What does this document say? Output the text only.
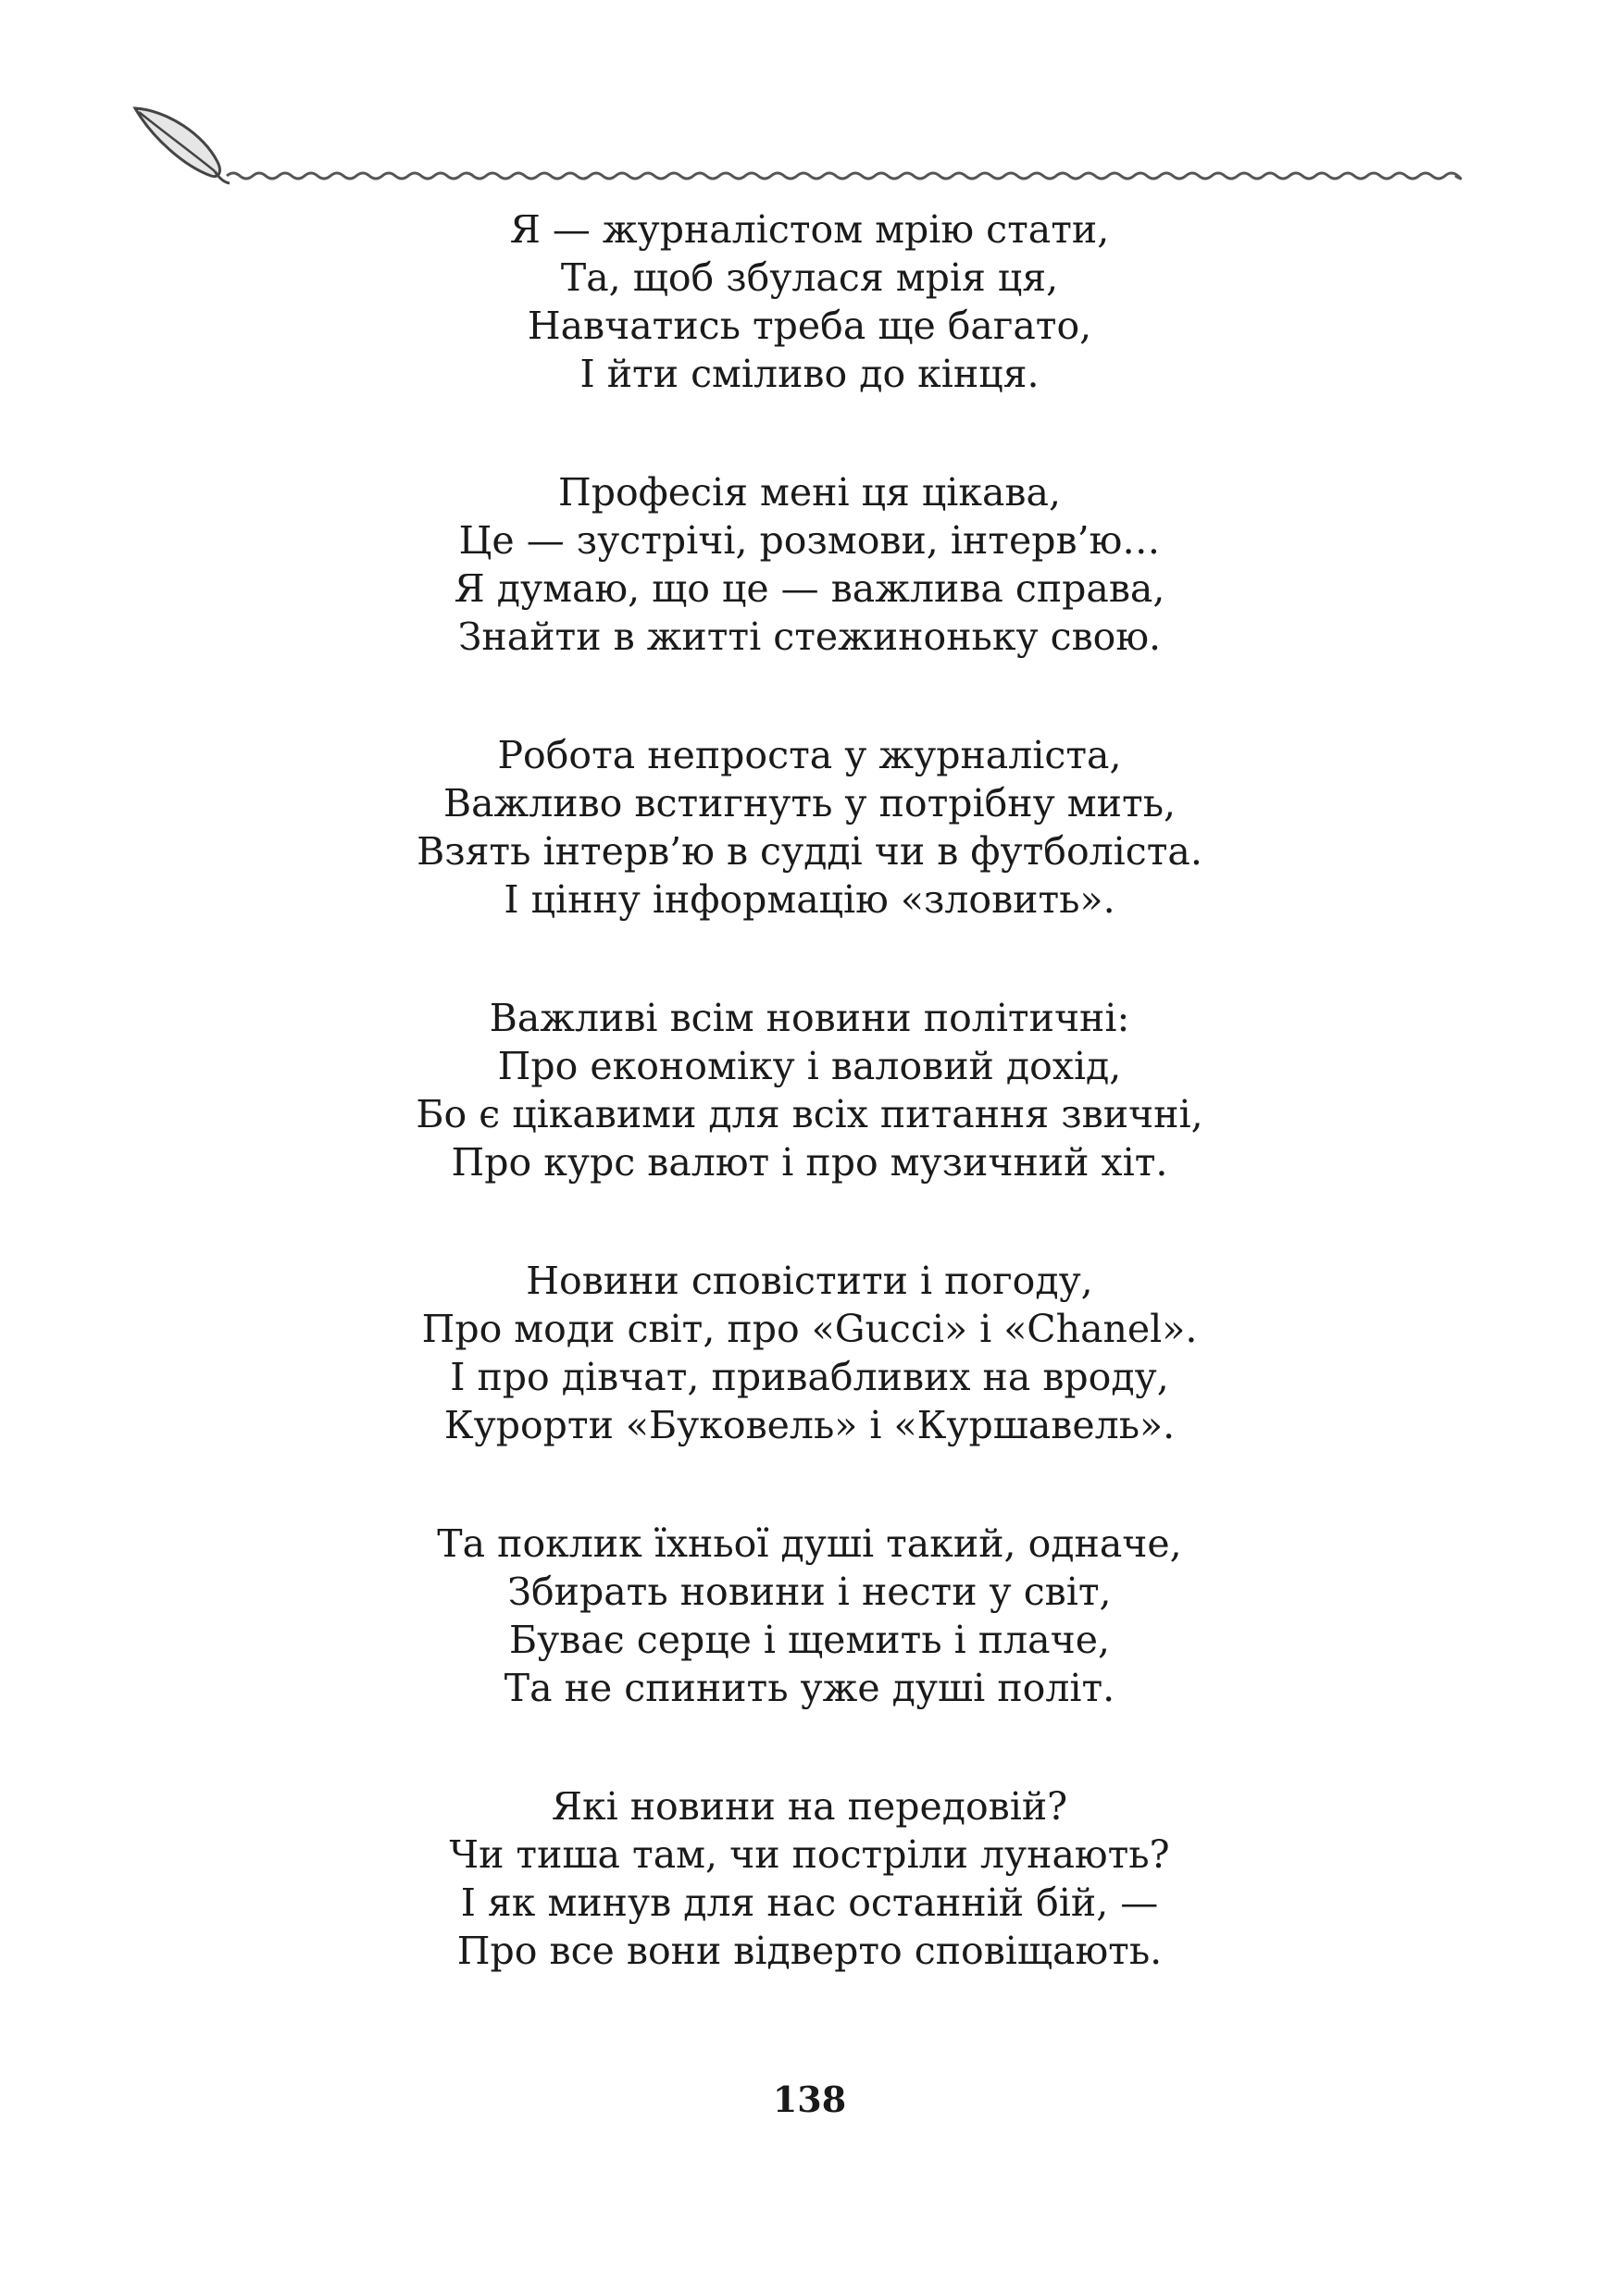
Я — журналістом мрію стати,
Та, щоб збулася мрія ця,
Навчатись треба ще багато,
І йти сміливо до кінця.
Професія мені ця цікава,
Це — зустрічі, розмови, інтерв’ю…
Я думаю, що це — важлива справа,
Знайти в житті стежиноньку свою.
Робота непроста у журналіста,
Важливо встигнуть у потрібну мить,
Взять інтерв’ю в судді чи в футболіста.
І цінну інформацію «зловить».
Важливі всім новини політичні:
Про економіку і валовий дохід,
Бо є цікавими для всіх питання звичні,
Про курс валют і про музичний хіт.
Новини сповістити і погоду,
Про моди світ, про «Gucci» і «Chanel».
І про дівчат, привабливих на вроду,
Курорти «Буковель» і «Куршавель».
Та поклик їхньої душі такий, одначе,
Збирать новини і нести у світ,
Буває серце і щемить і плаче,
Та не спинить уже душі політ.
Які новини на передовій?
Чи тиша там, чи постріли лунають?
І як минув для нас останній бій, —
Про все вони відверто сповіщають.
138
